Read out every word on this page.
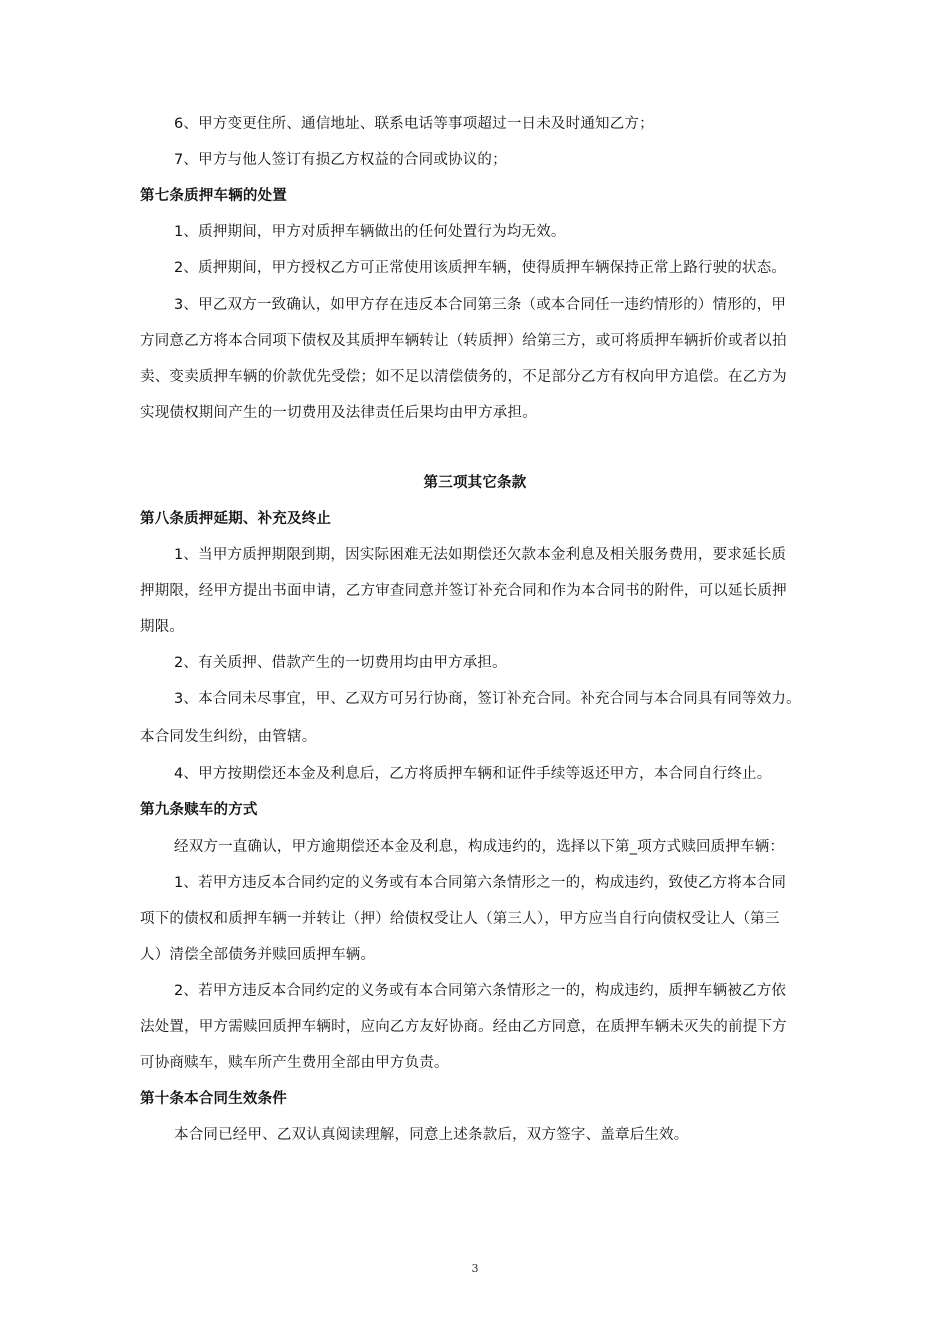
6、甲方变更住所、通信地址、联系电话等事项超过一日未及时通知乙方；
7、甲方与他人签订有损乙方权益的合同或协议的；
第七条质押车辆的处置
1、质押期间，甲方对质押车辆做出的任何处置行为均无效。
2、质押期间，甲方授权乙方可正常使用该质押车辆，使得质押车辆保持正常上路行驶的状态。
3、甲乙双方一致确认，如甲方存在违反本合同第三条（或本合同任一违约情形的）情形的，甲
方同意乙方将本合同项下债权及其质押车辆转让（转质押）给第三方，或可将质押车辆折价或者以拍
卖、变卖质押车辆的价款优先受偿；如不足以清偿债务的，不足部分乙方有权向甲方追偿。在乙方为
实现债权期间产生的一切费用及法律责任后果均由甲方承担。
第三项其它条款
第八条质押延期、补充及终止
1、当甲方质押期限到期，因实际困难无法如期偿还欠款本金利息及相关服务费用，要求延长质
押期限，经甲方提出书面申请，乙方审查同意并签订补充合同和作为本合同书的附件，可以延长质押
期限。
2、有关质押、借款产生的一切费用均由甲方承担。
3、本合同未尽事宜，甲、乙双方可另行协商，签订补充合同。补充合同与本合同具有同等效力。
本合同发生纠纷，由管辖。
4、甲方按期偿还本金及利息后，乙方将质押车辆和证件手续等返还甲方，本合同自行终止。
第九条赎车的方式
经双方一直确认，甲方逾期偿还本金及利息，构成违约的，选择以下第_项方式赎回质押车辆：
1、若甲方违反本合同约定的义务或有本合同第六条情形之一的，构成违约，致使乙方将本合同
项下的债权和质押车辆一并转让（押）给债权受让人（第三人），甲方应当自行向债权受让人（第三
人）清偿全部债务并赎回质押车辆。
2、若甲方违反本合同约定的义务或有本合同第六条情形之一的，构成违约，质押车辆被乙方依
法处置，甲方需赎回质押车辆时，应向乙方友好协商。经由乙方同意，在质押车辆未灭失的前提下方
可协商赎车，赎车所产生费用全部由甲方负责。
第十条本合同生效条件
本合同已经甲、乙双认真阅读理解，同意上述条款后，双方签字、盖章后生效。
3
